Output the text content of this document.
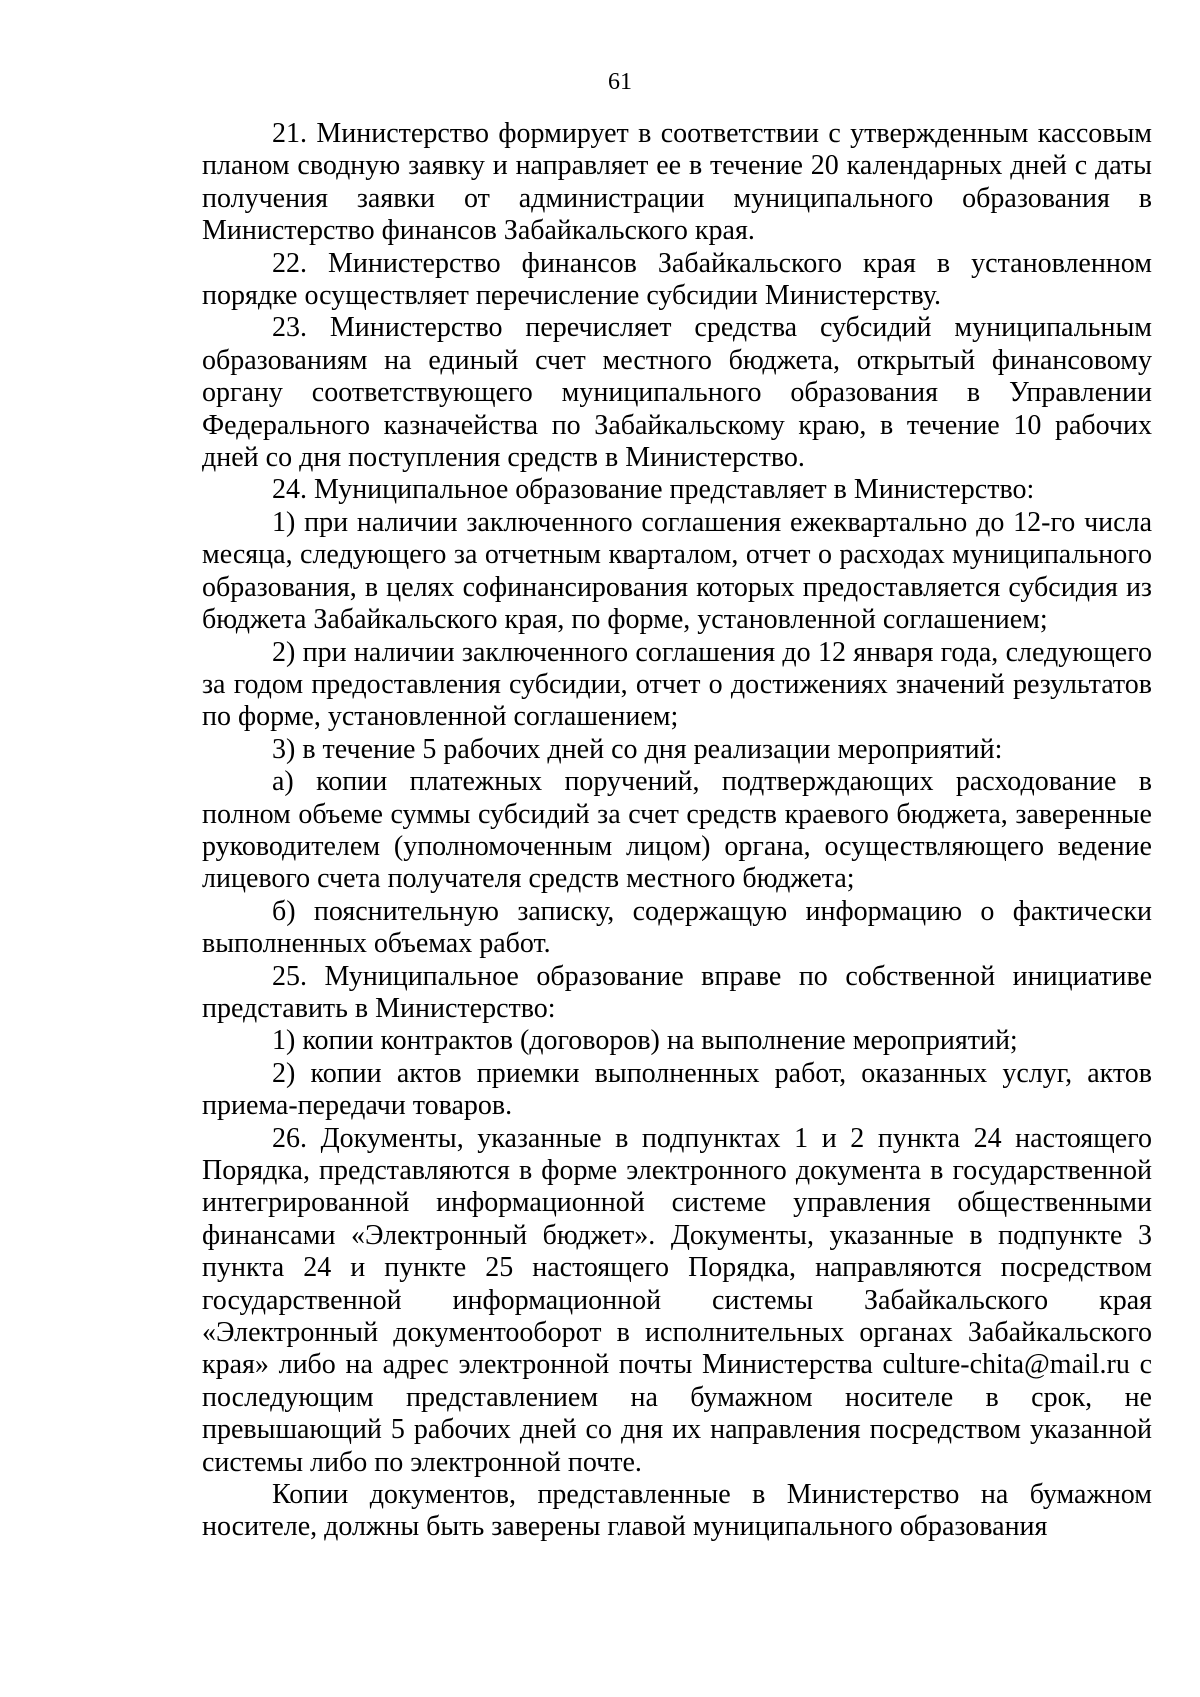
61

21. Министерство формирует в соответствии с утвержденным кассовым планом сводную заявку и направляет ее в течение 20 календарных дней с даты получения заявки от администрации муниципального образования в Министерство финансов Забайкальского края.

22. Министерство финансов Забайкальского края в установленном порядке осуществляет перечисление субсидии Министерству.

23. Министерство перечисляет средства субсидий муниципальным образованиям на единый счет местного бюджета, открытый финансовому органу соответствующего муниципального образования в Управлении Федерального казначейства по Забайкальскому краю, в течение 10 рабочих дней со дня поступления средств в Министерство.

24. Муниципальное образование представляет в Министерство:

1) при наличии заключенного соглашения ежеквартально до 12-го числа месяца, следующего за отчетным кварталом, отчет о расходах муниципального образования, в целях софинансирования которых предоставляется субсидия из бюджета Забайкальского края, по форме, установленной соглашением;

2) при наличии заключенного соглашения до 12 января года, следующего за годом предоставления субсидии, отчет о достижениях значений результатов по форме, установленной соглашением;

3) в течение 5 рабочих дней со дня реализации мероприятий:

а) копии платежных поручений, подтверждающих расходование в полном объеме суммы субсидий за счет средств краевого бюджета, заверенные руководителем (уполномоченным лицом) органа, осуществляющего ведение лицевого счета получателя средств местного бюджета;

б) пояснительную записку, содержащую информацию о фактически выполненных объемах работ.

25. Муниципальное образование вправе по собственной инициативе представить в Министерство:

1) копии контрактов (договоров) на выполнение мероприятий;

2) копии актов приемки выполненных работ, оказанных услуг, актов приема-передачи товаров.

26. Документы, указанные в подпунктах 1 и 2 пункта 24 настоящего Порядка, представляются в форме электронного документа в государственной интегрированной информационной системе управления общественными финансами «Электронный бюджет». Документы, указанные в подпункте 3 пункта 24 и пункте 25 настоящего Порядка, направляются посредством государственной информационной системы Забайкальского края «Электронный документооборот в исполнительных органах Забайкальского края» либо на адрес электронной почты Министерства culture-chita@mail.ru с последующим представлением на бумажном носителе в срок, не превышающий 5 рабочих дней со дня их направления посредством указанной системы либо по электронной почте.

Копии документов, представленные в Министерство на бумажном носителе, должны быть заверены главой муниципального образования
